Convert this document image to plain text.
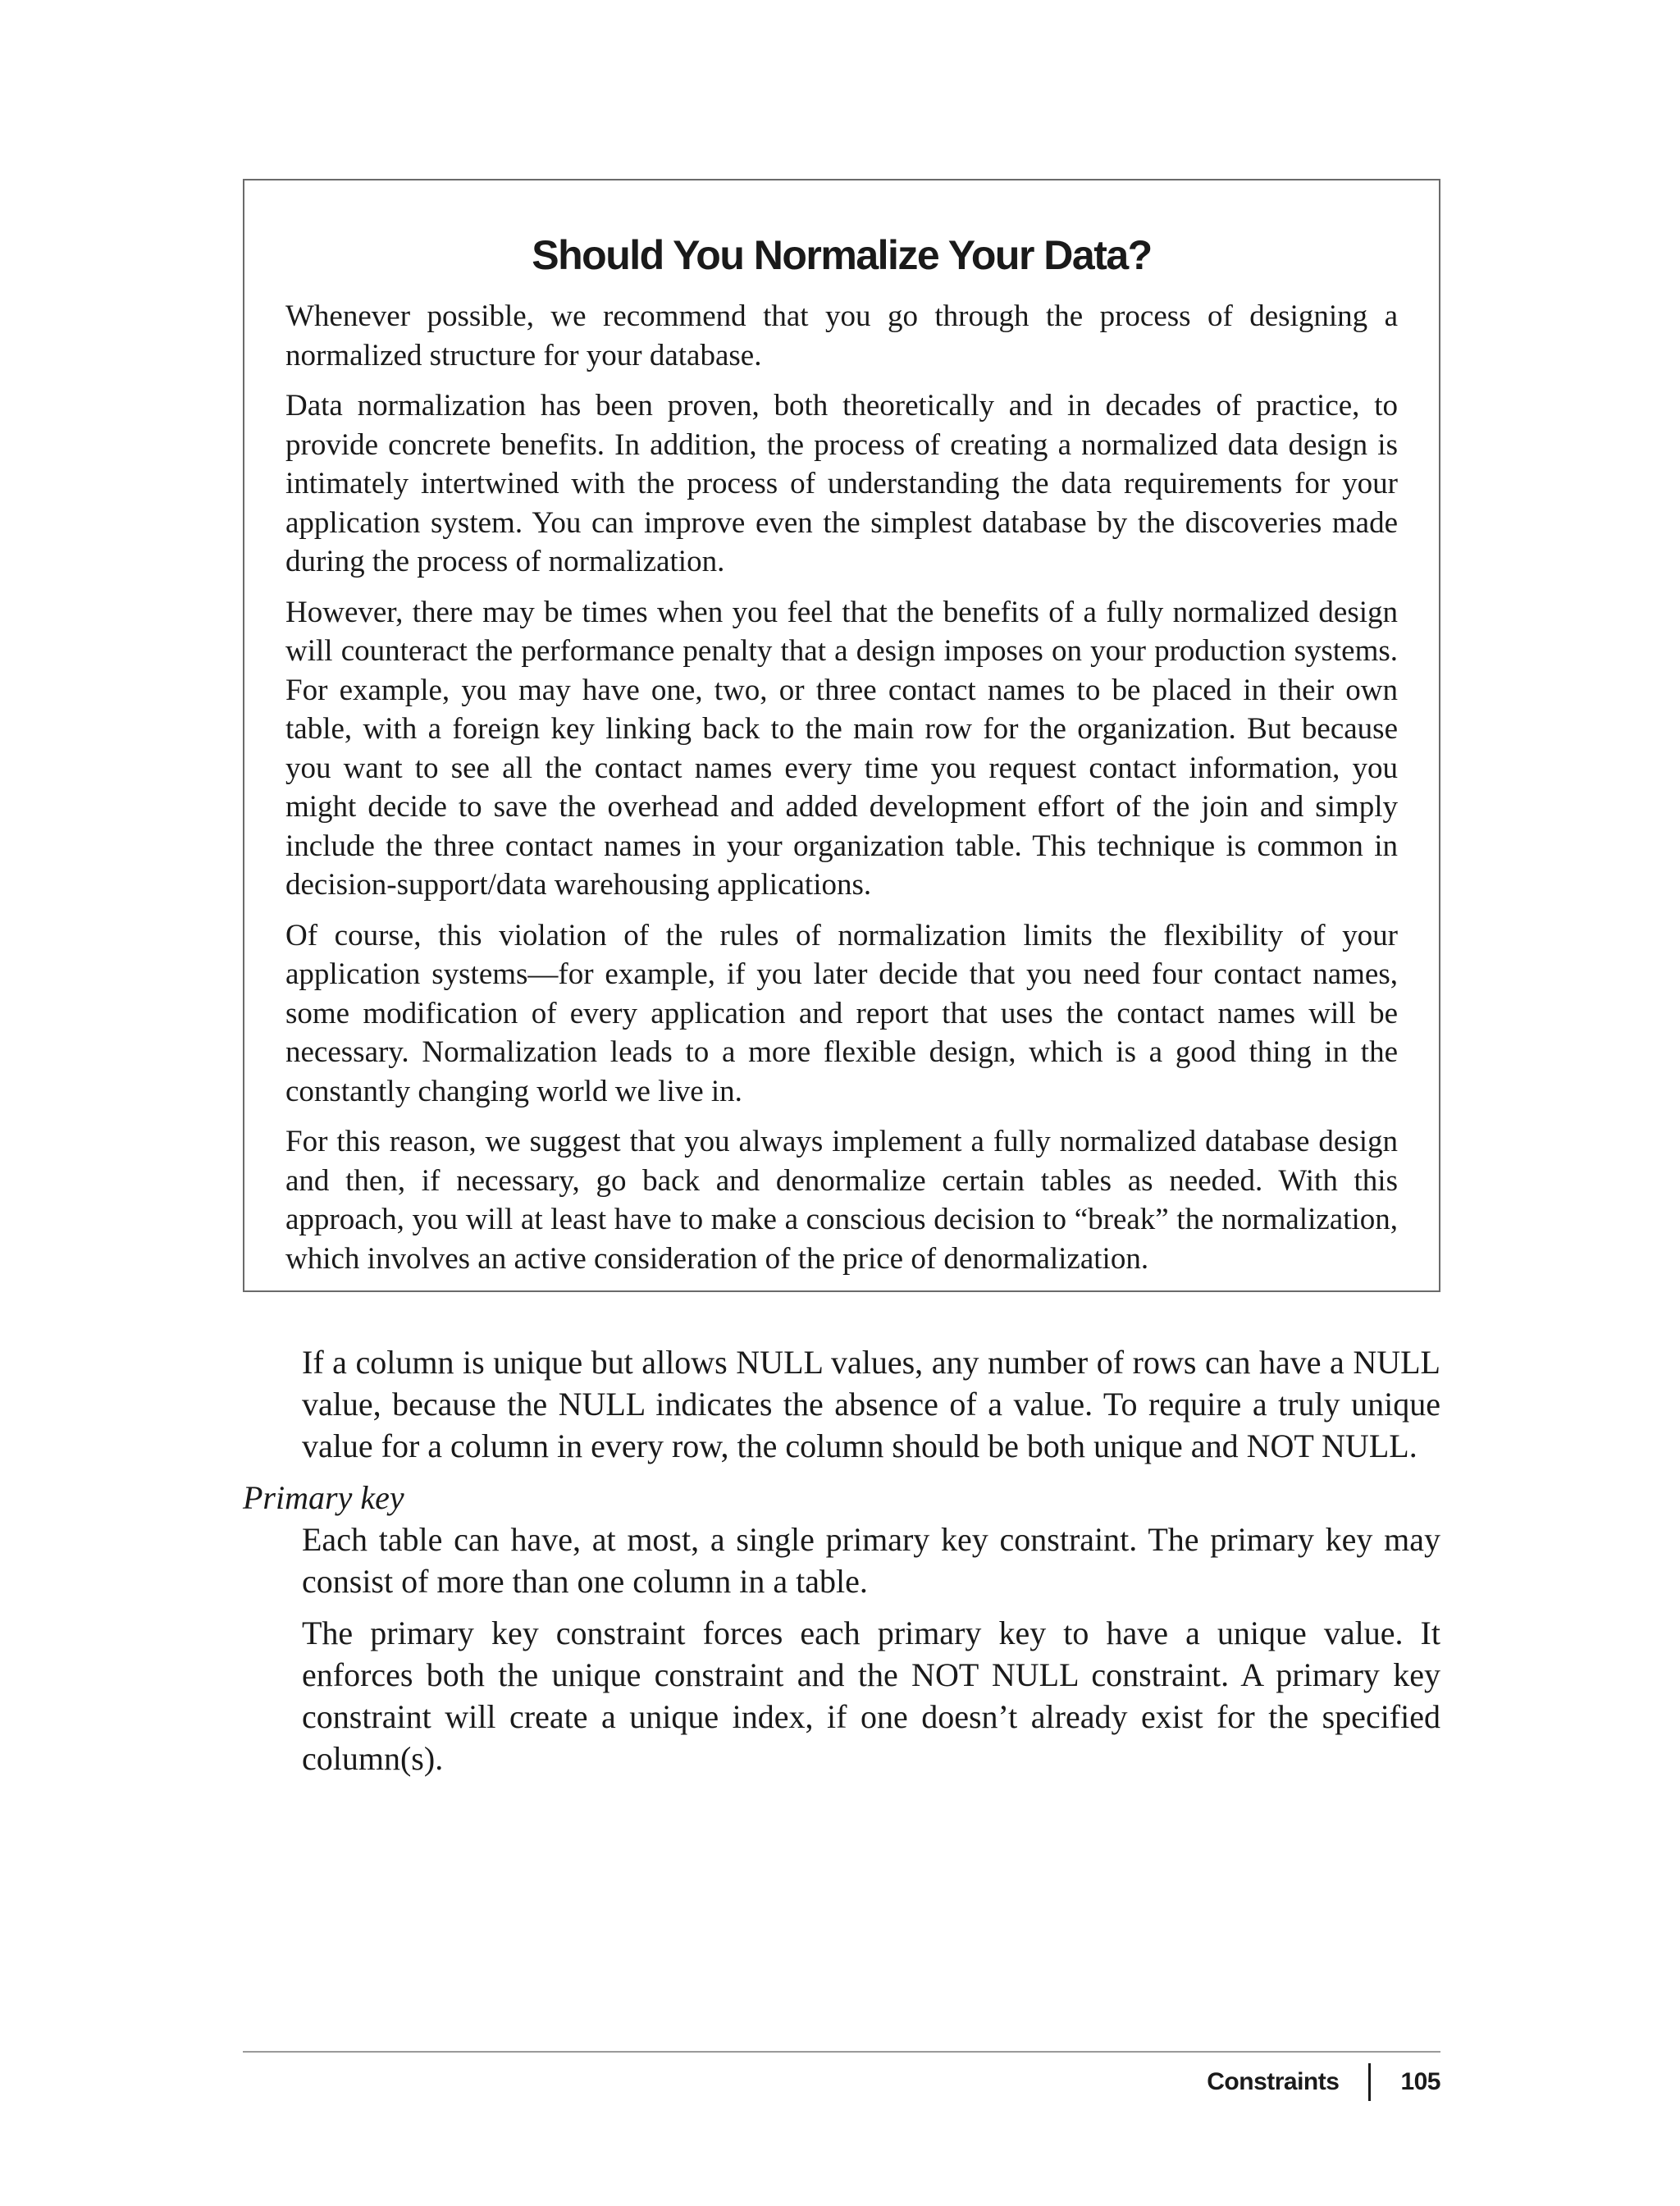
Should You Normalize Your Data?

Whenever possible, we recommend that you go through the process of designing a normalized structure for your database.

Data normalization has been proven, both theoretically and in decades of practice, to provide concrete benefits. In addition, the process of creating a normalized data design is intimately intertwined with the process of understanding the data requirements for your application system. You can improve even the simplest database by the discoveries made during the process of normalization.

However, there may be times when you feel that the benefits of a fully normalized design will counteract the performance penalty that a design imposes on your production systems. For example, you may have one, two, or three contact names to be placed in their own table, with a foreign key linking back to the main row for the organization. But because you want to see all the contact names every time you request contact information, you might decide to save the overhead and added development effort of the join and simply include the three contact names in your organization table. This technique is common in decision-support/data warehousing applications.

Of course, this violation of the rules of normalization limits the flexibility of your application systems—for example, if you later decide that you need four contact names, some modification of every application and report that uses the contact names will be necessary. Normalization leads to a more flexible design, which is a good thing in the constantly changing world we live in.

For this reason, we suggest that you always implement a fully normalized database design and then, if necessary, go back and denormalize certain tables as needed. With this approach, you will at least have to make a conscious decision to “break” the normalization, which involves an active consideration of the price of denormalization.

If a column is unique but allows NULL values, any number of rows can have a NULL value, because the NULL indicates the absence of a value. To require a truly unique value for a column in every row, the column should be both unique and NOT NULL.

Primary key

Each table can have, at most, a single primary key constraint. The primary key may consist of more than one column in a table.

The primary key constraint forces each primary key to have a unique value. It enforces both the unique constraint and the NOT NULL constraint. A primary key constraint will create a unique index, if one doesn’t already exist for the specified column(s).

Constraints	105
